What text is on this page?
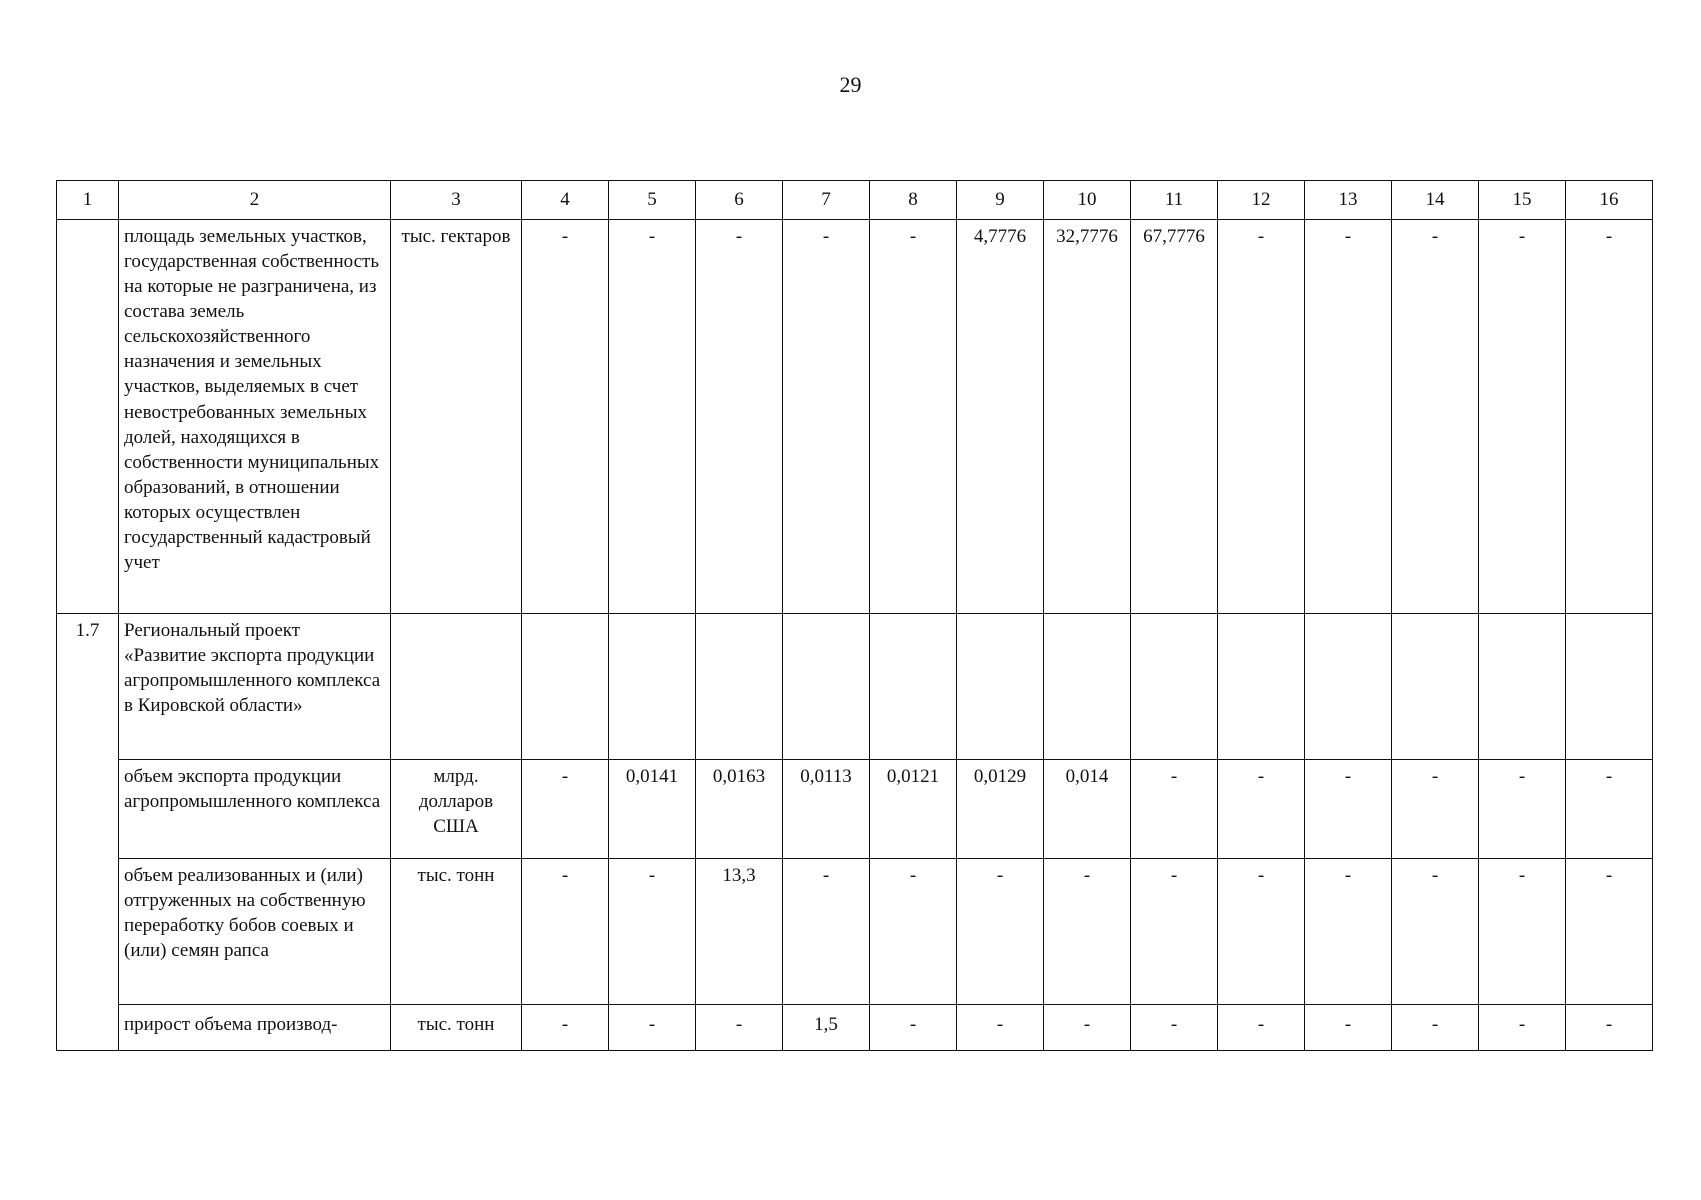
29
1	2	3	4	5	6	7	8	9	10	11	12	13	14	15	16
	площадь земельных участков, государственная собственность на которые не разграничена, из состава земель сельскохозяйственного назначения и земельных участков, выделяемых в счет невостребованных земельных долей, находящихся в собственности муниципальных образований, в отношении которых осуществлен государственный кадастровый учет	тыс. гектаров	-	-	-	-	-	4,7776	32,7776	67,7776	-	-	-	-	-
1.7	Региональный проект «Развитие экспорта продукции агропромышленного комплекса в Кировской области»														
	объем экспорта продукции агропромышленного комплекса	млрд. долларов США	-	0,0141	0,0163	0,0113	0,0121	0,0129	0,014	-	-	-	-	-	-
	объем реализованных и (или) отгруженных на собственную переработку бобов соевых и (или) семян рапса	тыс. тонн	-	-	13,3	-	-	-	-	-	-	-	-	-	-
	прирост объема производ-	тыс. тонн	-	-	-	1,5	-	-	-	-	-	-	-	-	-
